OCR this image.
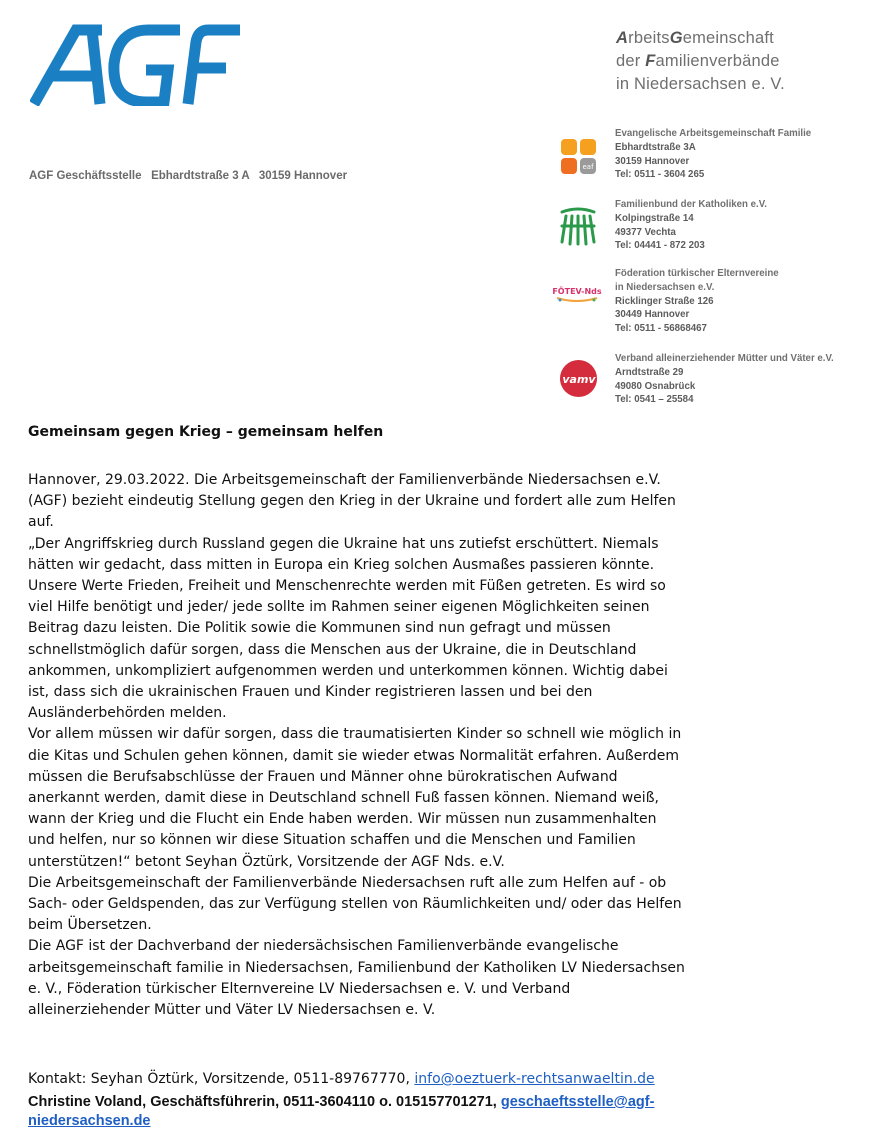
ArbeitsGemeinschaft
der Familienverbände
in Niedersachsen e. V.
AGF Geschäftsstelle   Ebhardtstraße 3 A   30159 Hannover
eaf
Evangelische Arbeitsgemeinschaft Familie
Ebhardtstraße 3A
30159 Hannover
Tel: 0511 - 3604 265
Familienbund der Katholiken e.V.
Kolpingstraße 14
49377 Vechta
Tel: 04441 - 872 203
FÖTEV-Nds
Föderation türkischer Elternvereine
in Niedersachsen e.V.
Ricklinger Straße 126
30449 Hannover
Tel: 0511 - 56868467
vamv
Verband alleinerziehender Mütter und Väter e.V.
Arndtstraße 29
49080 Osnabrück
Tel: 0541 – 25584
Gemeinsam gegen Krieg – gemeinsam helfen

Hannover, 29.03.2022. Die Arbeitsgemeinschaft der Familienverbände Niedersachsen e.V.

(AGF) bezieht eindeutig Stellung gegen den Krieg in der Ukraine und fordert alle zum Helfen

auf.

„Der Angriffskrieg durch Russland gegen die Ukraine hat uns zutiefst erschüttert. Niemals

hätten wir gedacht, dass mitten in Europa ein Krieg solchen Ausmaßes passieren könnte.

Unsere Werte Frieden, Freiheit und Menschenrechte werden mit Füßen getreten. Es wird so

viel Hilfe benötigt und jeder/ jede sollte im Rahmen seiner eigenen Möglichkeiten seinen

Beitrag dazu leisten. Die Politik sowie die Kommunen sind nun gefragt und müssen

schnellstmöglich dafür sorgen, dass die Menschen aus der Ukraine, die in Deutschland

ankommen, unkompliziert aufgenommen werden und unterkommen können. Wichtig dabei

ist, dass sich die ukrainischen Frauen und Kinder registrieren lassen und bei den

Ausländerbehörden melden.

Vor allem müssen wir dafür sorgen, dass die traumatisierten Kinder so schnell wie möglich in

die Kitas und Schulen gehen können, damit sie wieder etwas Normalität erfahren. Außerdem

müssen die Berufsabschlüsse der Frauen und Männer ohne bürokratischen Aufwand

anerkannt werden, damit diese in Deutschland schnell Fuß fassen können. Niemand weiß,

wann der Krieg und die Flucht ein Ende haben werden. Wir müssen nun zusammenhalten

und helfen, nur so können wir diese Situation schaffen und die Menschen und Familien

unterstützen!“ betont Seyhan Öztürk, Vorsitzende der AGF Nds. e.V.

Die Arbeitsgemeinschaft der Familienverbände Niedersachsen ruft alle zum Helfen auf - ob

Sach- oder Geldspenden, das zur Verfügung stellen von Räumlichkeiten und/ oder das Helfen

beim Übersetzen.

Die AGF ist der Dachverband der niedersächsischen Familienverbände evangelische

arbeitsgemeinschaft familie in Niedersachsen, Familienbund der Katholiken LV Niedersachsen

e. V., Föderation türkischer Elternvereine LV Niedersachsen e. V. und Verband

alleinerziehender Mütter und Väter LV Niedersachsen e. V.

Kontakt: Seyhan Öztürk, Vorsitzende, 0511-89767770, info@oeztuerk-rechtsanwaeltin.de
Christine Voland, Geschäftsführerin, 0511-3604110 o. 015157701271, geschaeftsstelle@agf-niedersachsen.de
